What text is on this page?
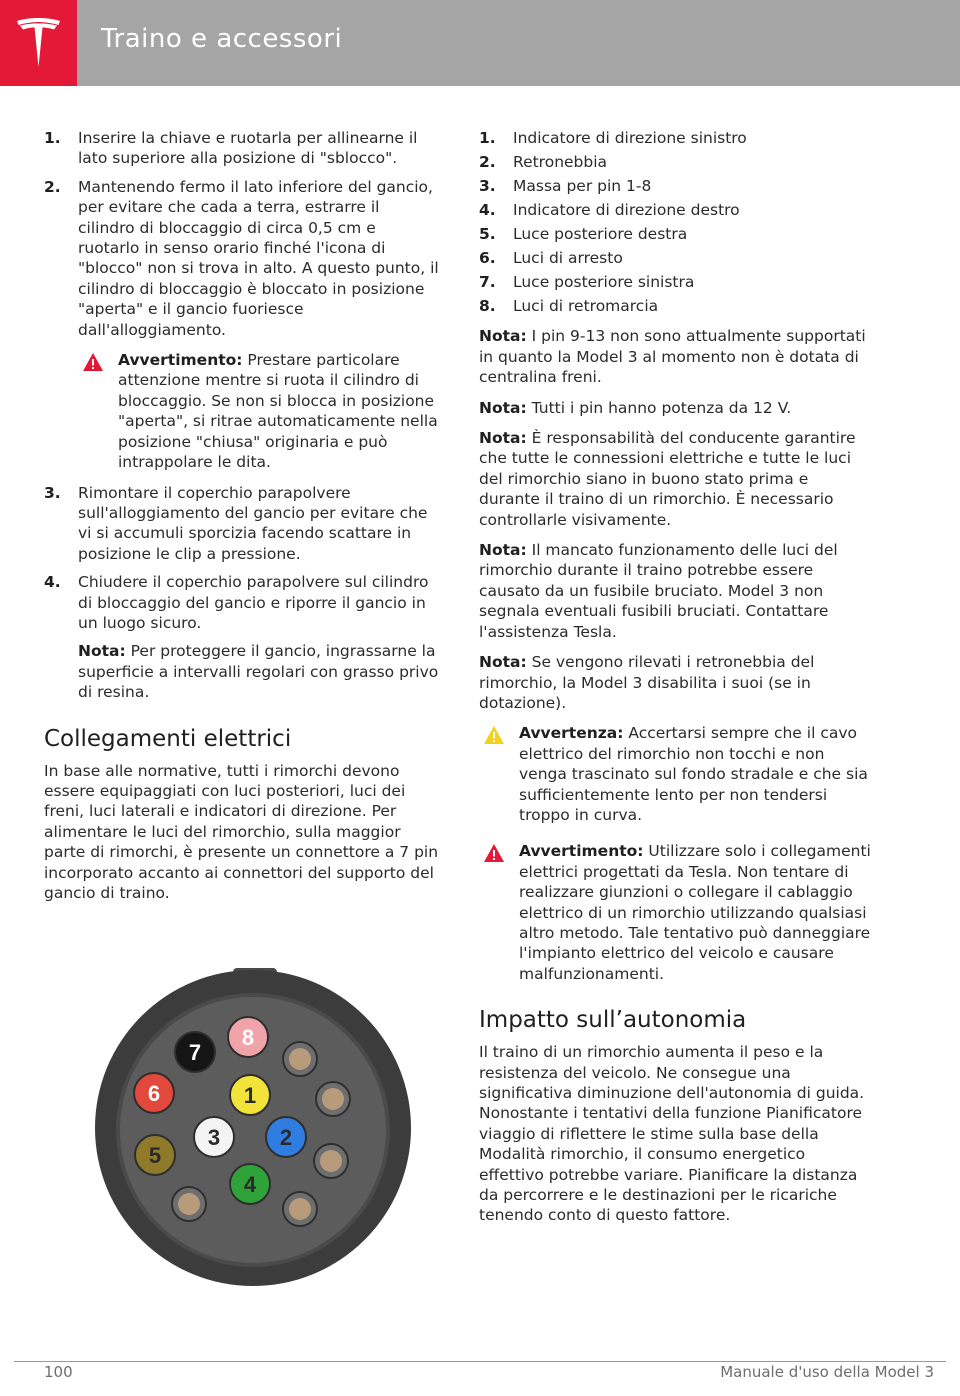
Traino e accessori
1. Inserire la chiave e ruotarla per allinearne il lato superiore alla posizione di "sblocco".
2. Mantenendo fermo il lato inferiore del gancio, per evitare che cada a terra, estrarre il cilindro di bloccaggio di circa 0,5 cm e ruotarlo in senso orario finché l'icona di "blocco" non si trova in alto. A questo punto, il cilindro di bloccaggio è bloccato in posizione "aperta" e il gancio fuoriesce dall'alloggiamento.
Avvertimento: Prestare particolare attenzione mentre si ruota il cilindro di bloccaggio. Se non si blocca in posizione "aperta", si ritrae automaticamente nella posizione "chiusa" originaria e può intrappolare le dita.
3. Rimontare il coperchio parapolvere sull'alloggiamento del gancio per evitare che vi si accumuli sporcizia facendo scattare in posizione le clip a pressione.
4. Chiudere il coperchio parapolvere sul cilindro di bloccaggio del gancio e riporre il gancio in un luogo sicuro.
Nota: Per proteggere il gancio, ingrassarne la superficie a intervalli regolari con grasso privo di resina.
Collegamenti elettrici

In base alle normative, tutti i rimorchi devono essere equipaggiati con luci posteriori, luci dei freni, luci laterali e indicatori di direzione. Per alimentare le luci del rimorchio, sulla maggior parte di rimorchi, è presente un connettore a 7 pin incorporato accanto ai connettori del supporto del gancio di traino.

1
2
3
4
5
6
7
8
1. Indicatore di direzione sinistro
2. Retronebbia
3. Massa per pin 1-8
4. Indicatore di direzione destro
5. Luce posteriore destra
6. Luci di arresto
7. Luce posteriore sinistra
8. Luci di retromarcia
Nota: I pin 9-13 non sono attualmente supportati in quanto la Model 3 al momento non è dotata di centralina freni.
Nota: Tutti i pin hanno potenza da 12 V.
Nota: È responsabilità del conducente garantire che tutte le connessioni elettriche e tutte le luci del rimorchio siano in buono stato prima e durante il traino di un rimorchio. È necessario controllarle visivamente.
Nota: Il mancato funzionamento delle luci del rimorchio durante il traino potrebbe essere causato da un fusibile bruciato. Model 3 non segnala eventuali fusibili bruciati. Contattare l'assistenza Tesla.
Nota: Se vengono rilevati i retronebbia del rimorchio, la Model 3 disabilita i suoi (se in dotazione).
Avvertenza: Accertarsi sempre che il cavo elettrico del rimorchio non tocchi e non venga trascinato sul fondo stradale e che sia sufficientemente lento per non tendersi troppo in curva.
Avvertimento: Utilizzare solo i collegamenti elettrici progettati da Tesla. Non tentare di realizzare giunzioni o collegare il cablaggio elettrico di un rimorchio utilizzando qualsiasi altro metodo. Tale tentativo può danneggiare l'impianto elettrico del veicolo e causare malfunzionamenti.
Impatto sull’autonomia

Il traino di un rimorchio aumenta il peso e la resistenza del veicolo. Ne consegue una significativa diminuzione dell'autonomia di guida. Nonostante i tentativi della funzione Pianificatore viaggio di riflettere le stime sulla base della Modalità rimorchio, il consumo energetico effettivo potrebbe variare. Pianificare la distanza da percorrere e le destinazioni per le ricariche tenendo conto di questo fattore.

100	Manuale d'uso della Model 3
